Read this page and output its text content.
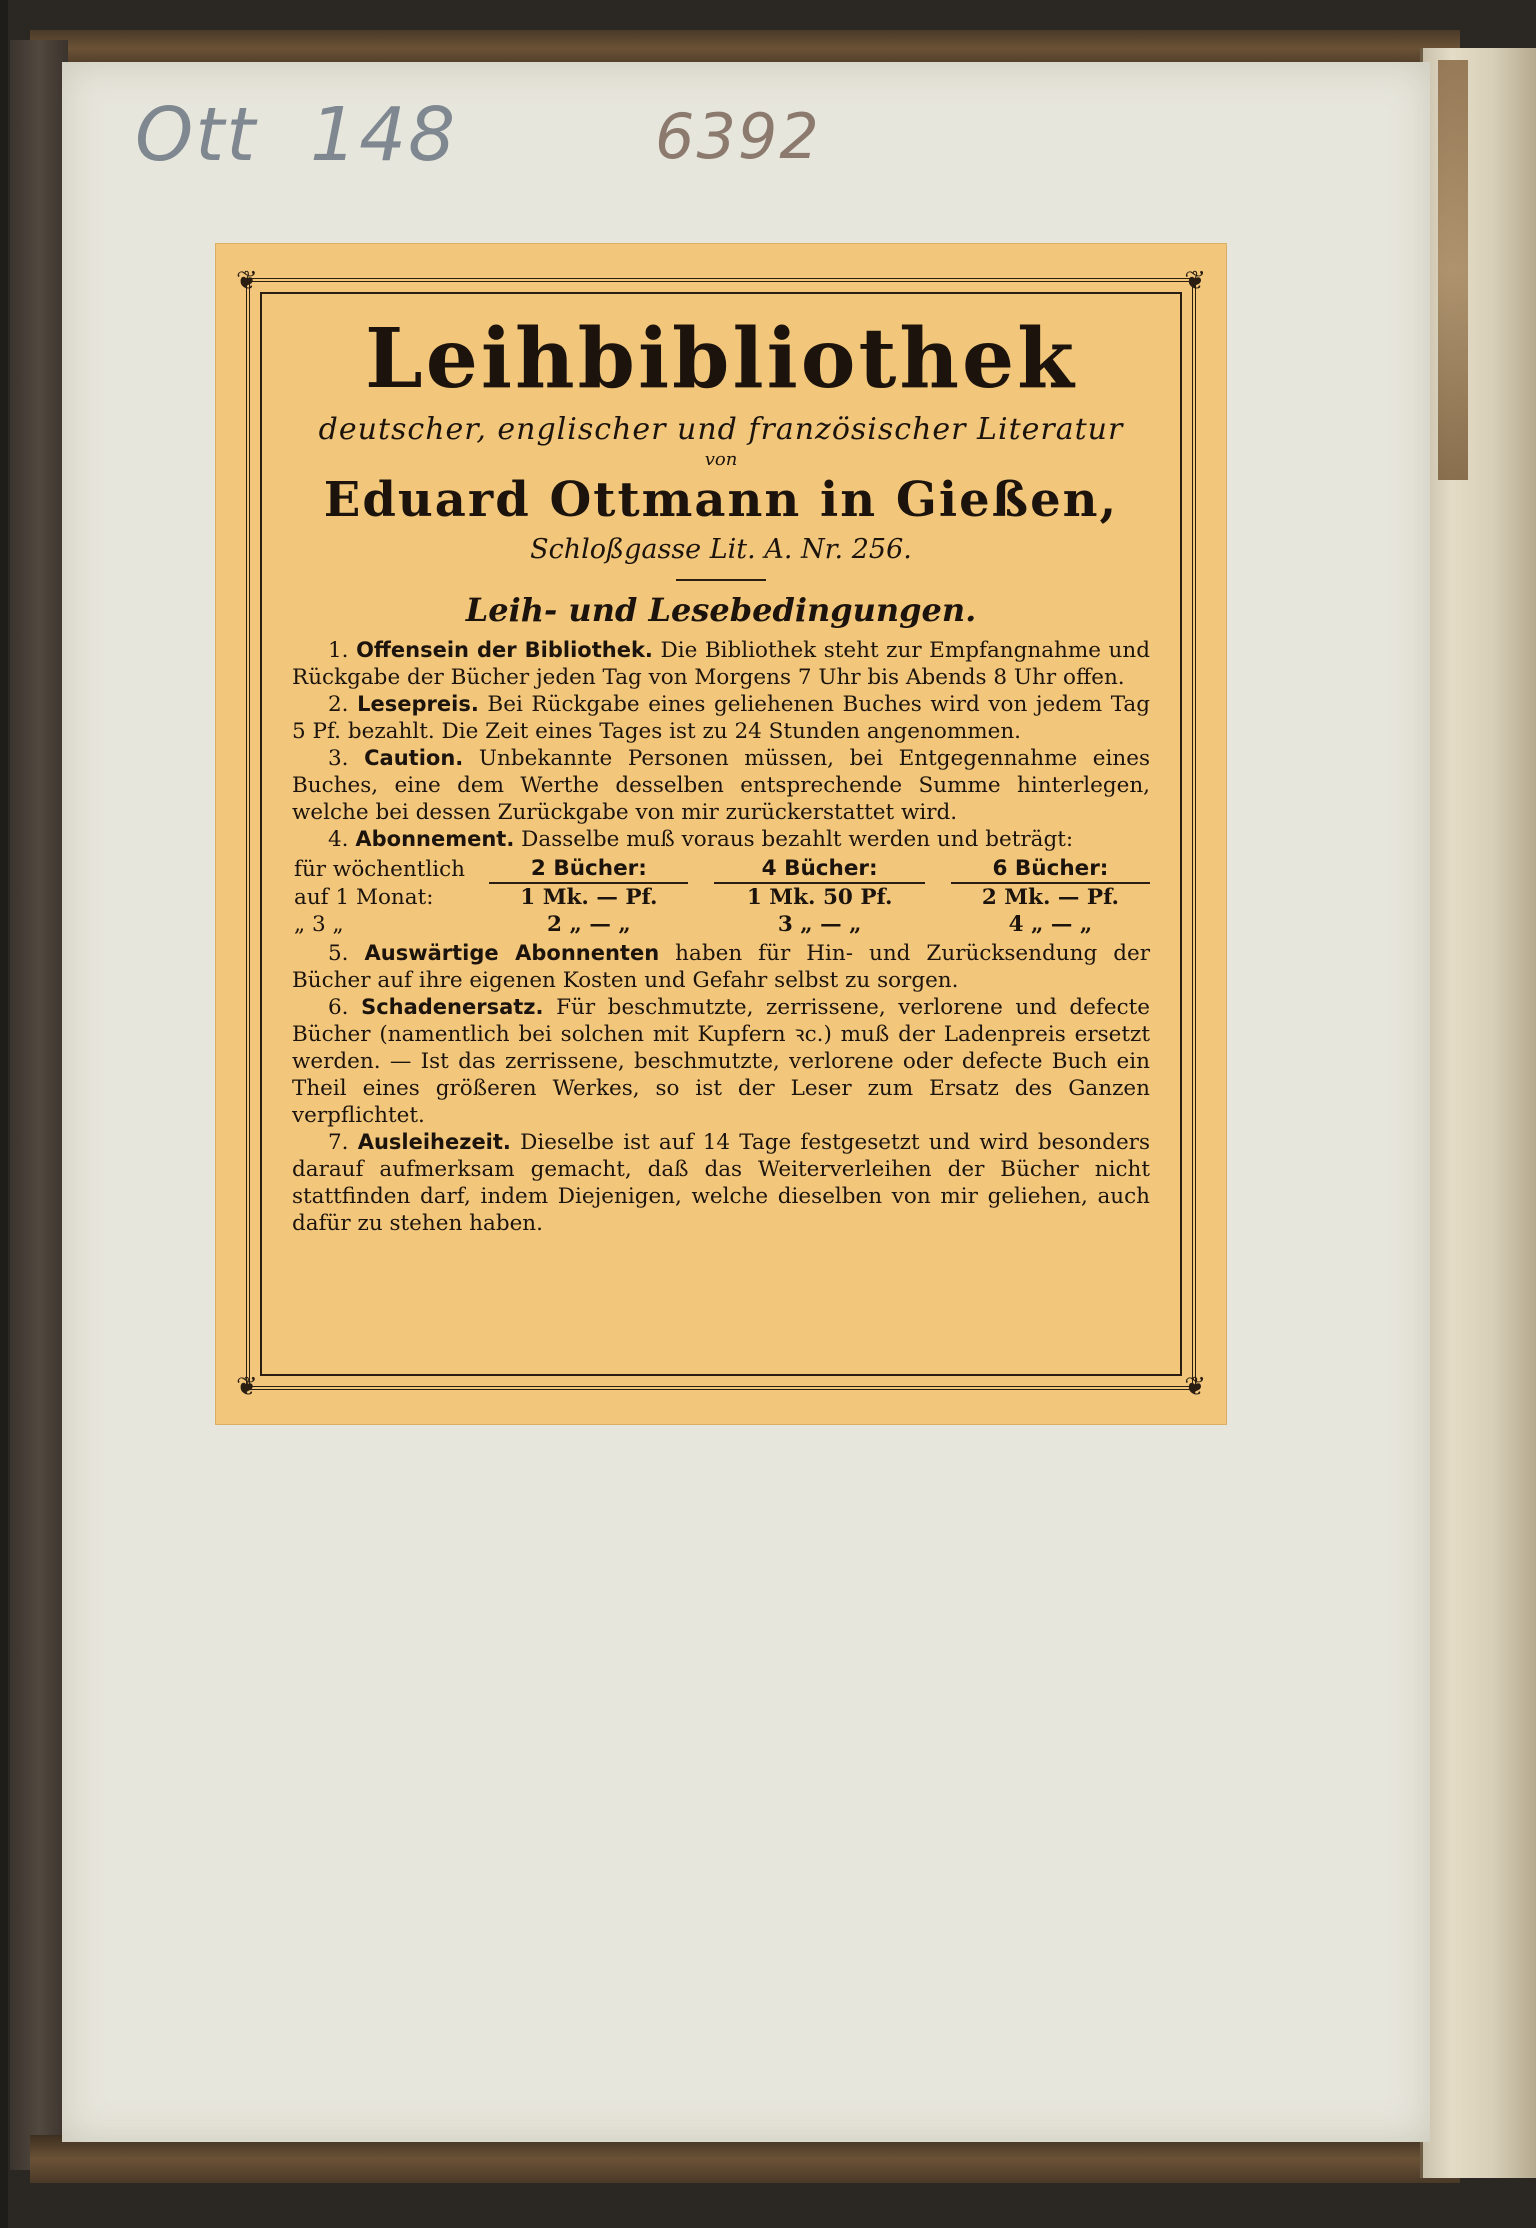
Ott 148	6392
❦	❦
❦	❦
Leihbibliothek

deutscher, englischer und französischer Literatur

von

Eduard Ottmann in Gießen,

Schloßgasse Lit. A. Nr. 256.

Leih- und Lesebedingungen.

1. Offensein der Bibliothek. Die Bibliothek steht zur Empfangnahme und Rückgabe der Bücher jeden Tag von Morgens 7 Uhr bis Abends 8 Uhr offen.

2. Lesepreis. Bei Rückgabe eines geliehenen Buches wird von jedem Tag 5 Pf. bezahlt. Die Zeit eines Tages ist zu 24 Stunden angenommen.

3. Caution. Unbekannte Personen müssen, bei Entgegennahme eines Buches, eine dem Werthe desselben entsprechende Summe hinterlegen, welche bei dessen Zurückgabe von mir zurückerstattet wird.

4. Abonnement. Dasselbe muß voraus bezahlt werden und beträgt:

für wöchentlich	2 Bücher:		4 Bücher:		6 Bücher:
auf 1 Monat:	1 Mk. — Pf.		1 Mk. 50 Pf.		2 Mk. — Pf.
„ 3 „	2 „ — „		3 „ — „		4 „ — „

5. Auswärtige Abonnenten haben für Hin- und Zurücksendung der Bücher auf ihre eigenen Kosten und Gefahr selbst zu sorgen.

6. Schadenersatz. Für beschmutzte, zerrissene, verlorene und defecte Bücher (namentlich bei solchen mit Kupfern ꝛc.) muß der Ladenpreis ersetzt werden. — Ist das zerrissene, beschmutzte, verlorene oder defecte Buch ein Theil eines größeren Werkes, so ist der Leser zum Ersatz des Ganzen verpflichtet.

7. Ausleihezeit. Dieselbe ist auf 14 Tage festgesetzt und wird besonders darauf aufmerksam gemacht, daß das Weiterverleihen der Bücher nicht stattfinden darf, indem Diejenigen, welche dieselben von mir geliehen, auch dafür zu stehen haben.
